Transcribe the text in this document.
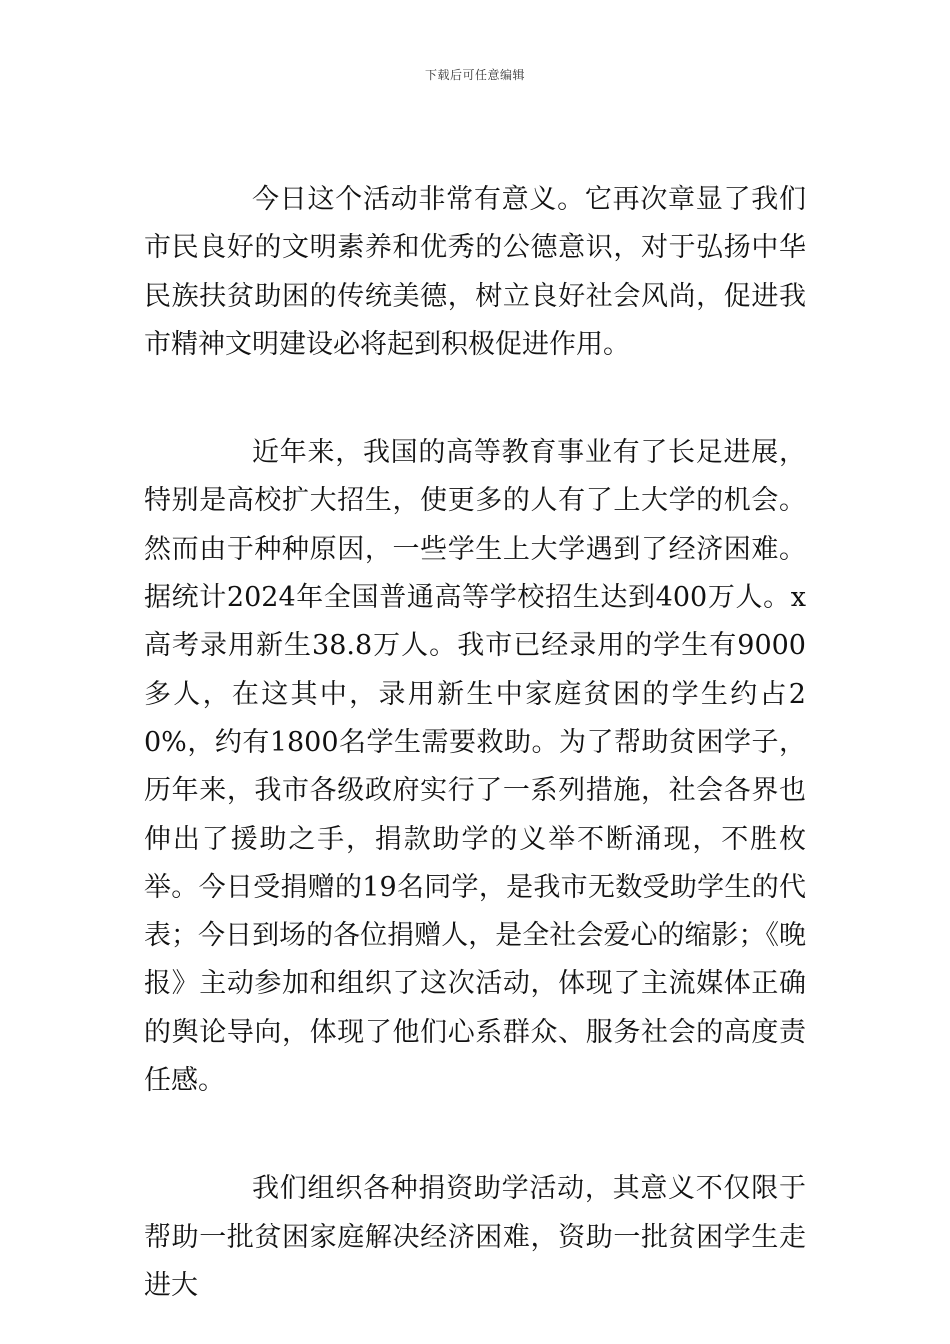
下载后可任意编辑

今日这个活动非常有意义。它再次章显了我们市民良好的文明素养和优秀的公德意识，对于弘扬中华民族扶贫助困的传统美德，树立良好社会风尚，促进我市精神文明建设必将起到积极促进作用。

近年来，我国的高等教育事业有了长足进展，特别是高校扩大招生，使更多的人有了上大学的机会。然而由于种种原因，一些学生上大学遇到了经济困难。据统计2024年全国普通高等学校招生达到400万人。x高考录用新生38.8万人。我市已经录用的学生有9000多人，在这其中，录用新生中家庭贫困的学生约占20%，约有1800名学生需要救助。为了帮助贫困学子，历年来，我市各级政府实行了一系列措施，社会各界也伸出了援助之手，捐款助学的义举不断涌现，不胜枚举。今日受捐赠的19名同学，是我市无数受助学生的代表；今日到场的各位捐赠人，是全社会爱心的缩影；《晚报》主动参加和组织了这次活动，体现了主流媒体正确的舆论导向，体现了他们心系群众、服务社会的高度责任感。

我们组织各种捐资助学活动，其意义不仅限于帮助一批贫困家庭解决经济困难，资助一批贫困学生走进大
